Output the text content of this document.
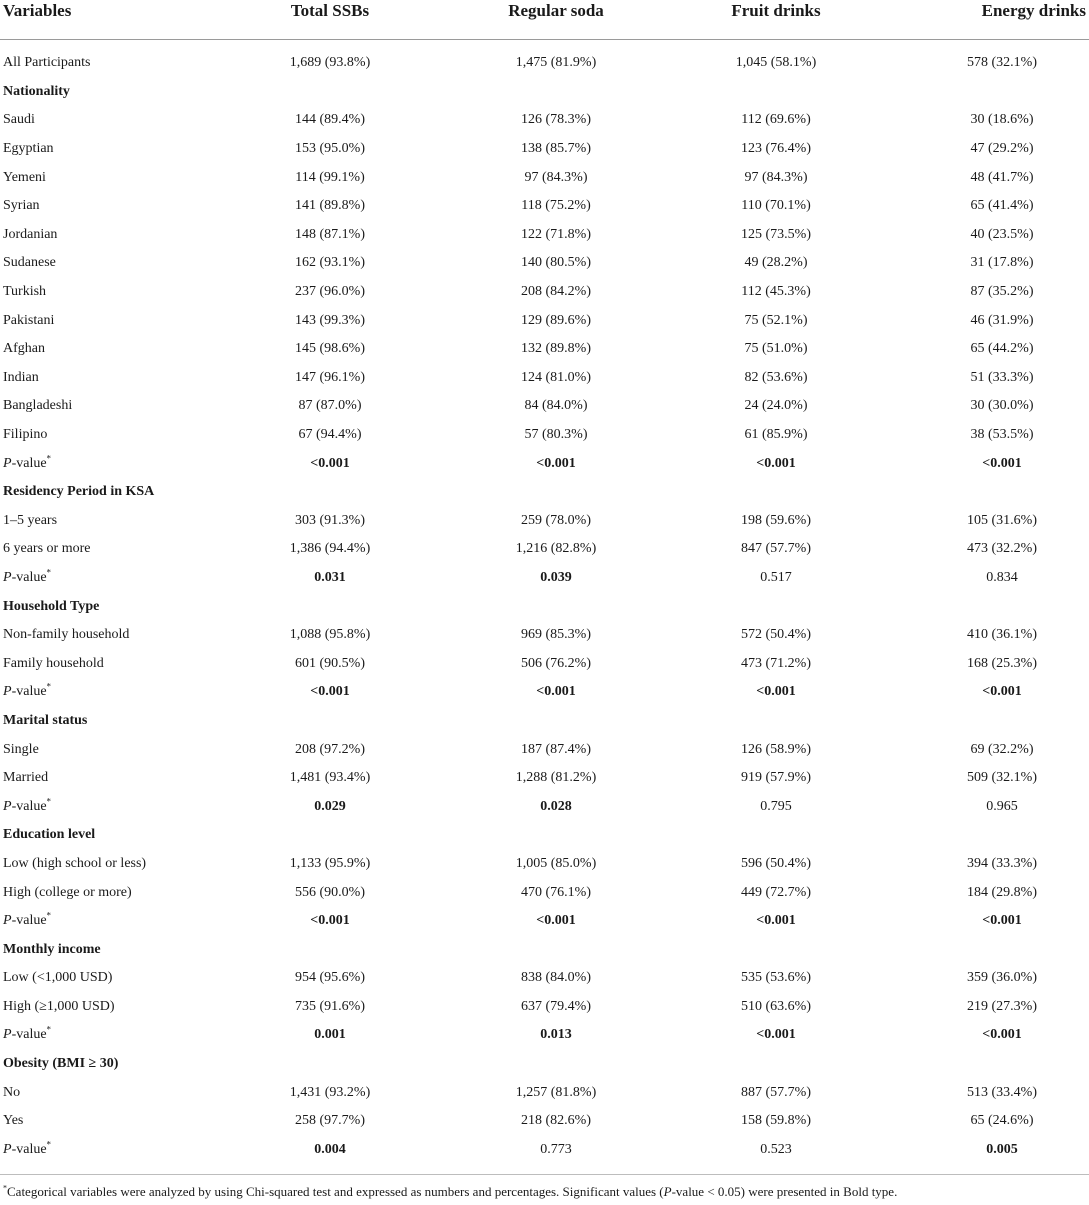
Variables	Total SSBs	Regular soda	Fruit drinks	Energy drinks

All Participants	1,689 (93.8%)	1,475 (81.9%)	1,045 (58.1%)	578 (32.1%)
Nationality				
Saudi	144 (89.4%)	126 (78.3%)	112 (69.6%)	30 (18.6%)
Egyptian	153 (95.0%)	138 (85.7%)	123 (76.4%)	47 (29.2%)
Yemeni	114 (99.1%)	97 (84.3%)	97 (84.3%)	48 (41.7%)
Syrian	141 (89.8%)	118 (75.2%)	110 (70.1%)	65 (41.4%)
Jordanian	148 (87.1%)	122 (71.8%)	125 (73.5%)	40 (23.5%)
Sudanese	162 (93.1%)	140 (80.5%)	49 (28.2%)	31 (17.8%)
Turkish	237 (96.0%)	208 (84.2%)	112 (45.3%)	87 (35.2%)
Pakistani	143 (99.3%)	129 (89.6%)	75 (52.1%)	46 (31.9%)
Afghan	145 (98.6%)	132 (89.8%)	75 (51.0%)	65 (44.2%)
Indian	147 (96.1%)	124 (81.0%)	82 (53.6%)	51 (33.3%)
Bangladeshi	87 (87.0%)	84 (84.0%)	24 (24.0%)	30 (30.0%)
Filipino	67 (94.4%)	57 (80.3%)	61 (85.9%)	38 (53.5%)
P-value*	<0.001	<0.001	<0.001	<0.001
Residency Period in KSA				
1–5 years	303 (91.3%)	259 (78.0%)	198 (59.6%)	105 (31.6%)
6 years or more	1,386 (94.4%)	1,216 (82.8%)	847 (57.7%)	473 (32.2%)
P-value*	0.031	0.039	0.517	0.834
Household Type				
Non-family household	1,088 (95.8%)	969 (85.3%)	572 (50.4%)	410 (36.1%)
Family household	601 (90.5%)	506 (76.2%)	473 (71.2%)	168 (25.3%)
P-value*	<0.001	<0.001	<0.001	<0.001
Marital status				
Single	208 (97.2%)	187 (87.4%)	126 (58.9%)	69 (32.2%)
Married	1,481 (93.4%)	1,288 (81.2%)	919 (57.9%)	509 (32.1%)
P-value*	0.029	0.028	0.795	0.965
Education level				
Low (high school or less)	1,133 (95.9%)	1,005 (85.0%)	596 (50.4%)	394 (33.3%)
High (college or more)	556 (90.0%)	470 (76.1%)	449 (72.7%)	184 (29.8%)
P-value*	<0.001	<0.001	<0.001	<0.001
Monthly income				
Low (<1,000 USD)	954 (95.6%)	838 (84.0%)	535 (53.6%)	359 (36.0%)
High (≥1,000 USD)	735 (91.6%)	637 (79.4%)	510 (63.6%)	219 (27.3%)
P-value*	0.001	0.013	<0.001	<0.001
Obesity (BMI ≥ 30)				
No	1,431 (93.2%)	1,257 (81.8%)	887 (57.7%)	513 (33.4%)
Yes	258 (97.7%)	218 (82.6%)	158 (59.8%)	65 (24.6%)
P-value*	0.004	0.773	0.523	0.005
*Categorical variables were analyzed by using Chi-squared test and expressed as numbers and percentages. Significant values (P-value < 0.05) were presented in Bold type.
